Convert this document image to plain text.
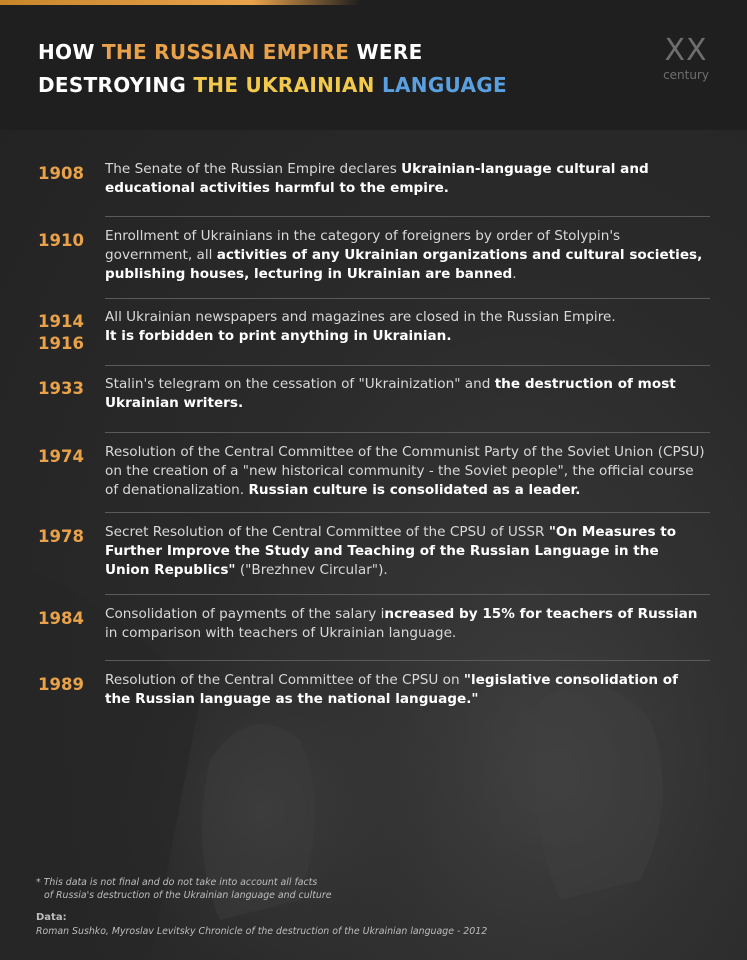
HOW THE RUSSIAN EMPIRE WERE
DESTROYING THE UKRAINIAN LANGUAGE
XX
century
1908	The Senate of the Russian Empire declares Ukrainian-language cultural and educational activities harmful to the empire.
1910	Enrollment of Ukrainians in the category of foreigners by order of Stolypin's government, all activities of any Ukrainian organizations and cultural societies, publishing houses, lecturing in Ukrainian are banned.
1914
1916
All Ukrainian newspapers and magazines are closed in the Russian Empire.
It is forbidden to print anything in Ukrainian.
1933	Stalin's telegram on the cessation of "Ukrainization" and the destruction of most Ukrainian writers.
1974	Resolution of the Central Committee of the Communist Party of the Soviet Union (CPSU) on the creation of a "new historical community - the Soviet people", the official course of denationalization. Russian culture is consolidated as a leader.
1978	Secret Resolution of the Central Committee of the CPSU of USSR "On Measures to Further Improve the Study and Teaching of the Russian Language in the Union Republics" ("Brezhnev Circular").
1984	Consolidation of payments of the salary increased by 15% for teachers of Russian in comparison with teachers of Ukrainian language.
1989	Resolution of the Central Committee of the CPSU on "legislative consolidation of the Russian language as the national language."
* This data is not final and do not take into account all facts
of Russia's destruction of the Ukrainian language and culture
Data:
Roman Sushko, Myroslav Levitsky Chronicle of the destruction of the Ukrainian language - 2012
